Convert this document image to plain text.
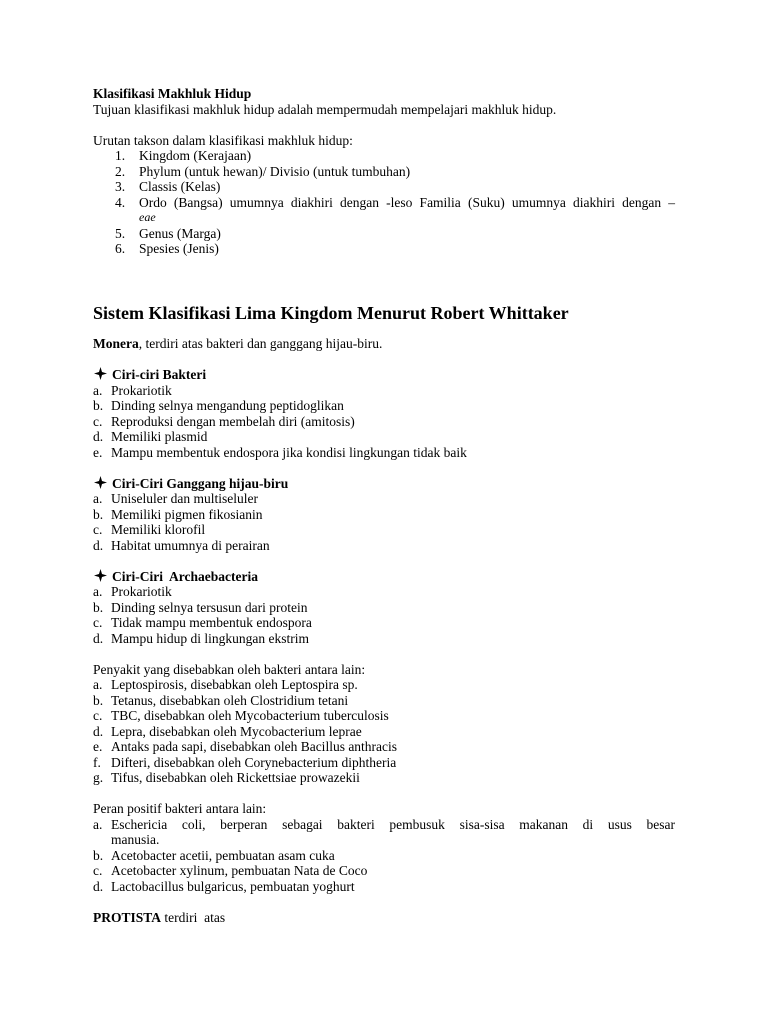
Klasifikasi Makhluk Hidup

Tujuan klasifikasi makhluk hidup adalah mempermudah mempelajari makhluk hidup.

Urutan takson dalam klasifikasi makhluk hidup:

1. Kingdom (Kerajaan)
2. Phylum (untuk hewan)/ Divisio (untuk tumbuhan)
3. Classis (Kelas)
4. Ordo (Bangsa) umumnya diakhiri dengan -leso Familia (Suku) umumnya diakhiri dengan –
eae
5. Genus (Marga)
6. Spesies (Jenis)
Sistem Klasifikasi Lima Kingdom Menurut Robert Whittaker

Monera, terdiri atas bakteri dan ganggang hijau-biru.

Ciri-ciri Bakteri

a. Prokariotik
b. Dinding selnya mengandung peptidoglikan
c. Reproduksi dengan membelah diri (amitosis)
d. Memiliki plasmid
e. Mampu membentuk endospora jika kondisi lingkungan tidak baik

Ciri-Ciri Ganggang hijau-biru

a. Uniseluler dan multiseluler
b. Memiliki pigmen fikosianin
c. Memiliki klorofil
d. Habitat umumnya di perairan

Ciri-Ciri  Archaebacteria

a. Prokariotik
b. Dinding selnya tersusun dari protein
c. Tidak mampu membentuk endospora
d. Mampu hidup di lingkungan ekstrim

Penyakit yang disebabkan oleh bakteri antara lain:

a. Leptospirosis, disebabkan oleh Leptospira sp.
b. Tetanus, disebabkan oleh Clostridium tetani
c. TBC, disebabkan oleh Mycobacterium tuberculosis
d. Lepra, disebabkan oleh Mycobacterium leprae
e. Antaks pada sapi, disebabkan oleh Bacillus anthracis
f. Difteri, disebabkan oleh Corynebacterium diphtheria
g. Tifus, disebabkan oleh Rickettsiae prowazekii

Peran positif bakteri antara lain:

a. Eschericia coli, berperan sebagai bakteri pembusuk sisa-sisa makanan di usus besar
manusia.
b. Acetobacter acetii, pembuatan asam cuka
c. Acetobacter xylinum, pembuatan Nata de Coco
d. Lactobacillus bulgaricus, pembuatan yoghurt

PROTISTA terdiri  atas
